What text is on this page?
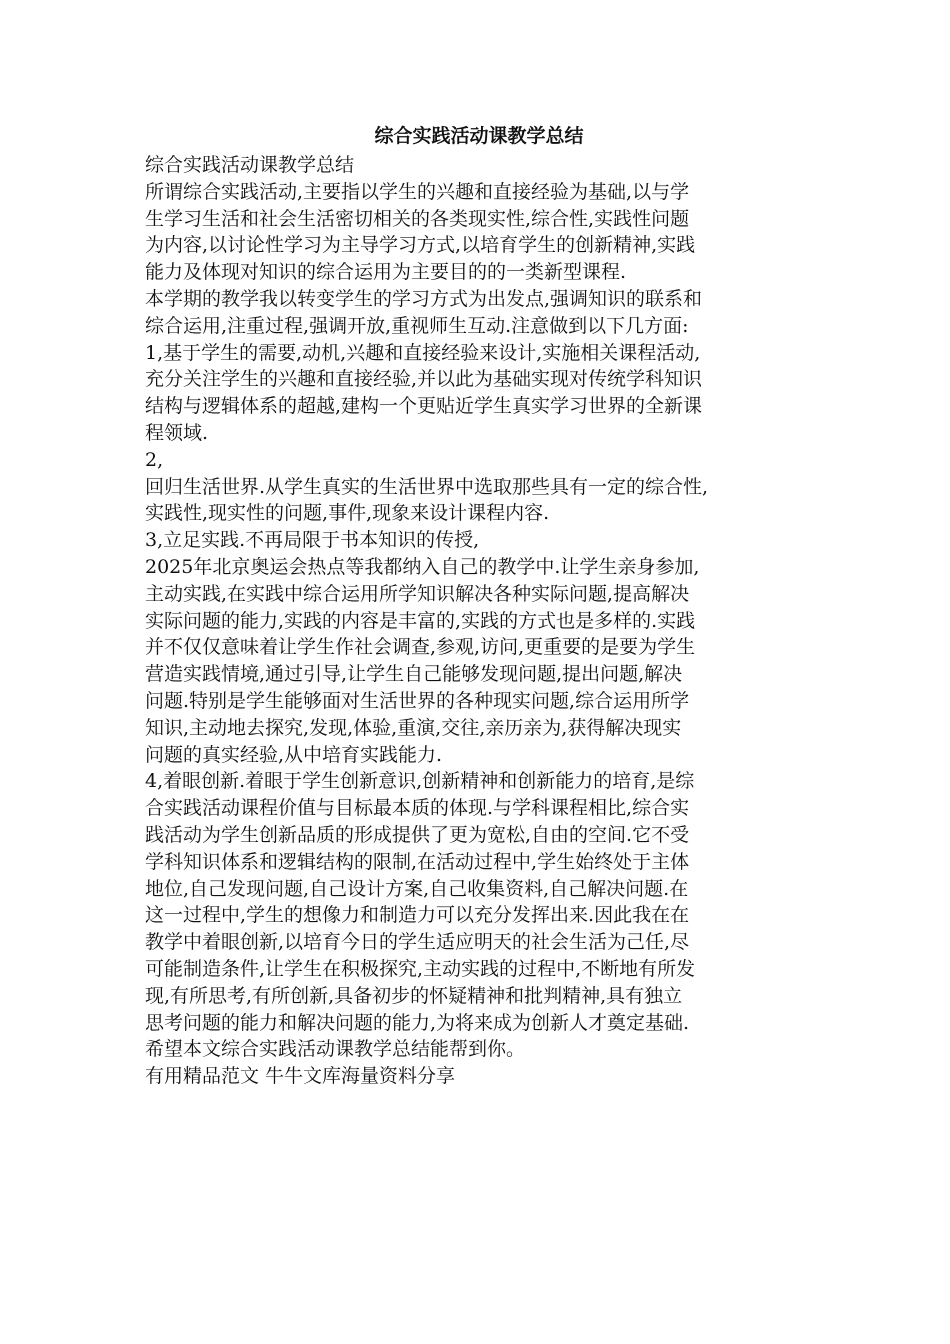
综合实践活动课教学总结
综合实践活动课教学总结
所谓综合实践活动,主要指以学生的兴趣和直接经验为基础,以与学
生学习生活和社会生活密切相关的各类现实性,综合性,实践性问题
为内容,以讨论性学习为主导学习方式,以培育学生的创新精神,实践
能力及体现对知识的综合运用为主要目的的一类新型课程.
本学期的教学我以转变学生的学习方式为出发点,强调知识的联系和
综合运用,注重过程,强调开放,重视师生互动.注意做到以下几方面:
1,基于学生的需要,动机,兴趣和直接经验来设计,实施相关课程活动,
充分关注学生的兴趣和直接经验,并以此为基础实现对传统学科知识
结构与逻辑体系的超越,建构一个更贴近学生真实学习世界的全新课
程领域.
2,
回归生活世界.从学生真实的生活世界中选取那些具有一定的综合性,
实践性,现实性的问题,事件,现象来设计课程内容.
3,立足实践.不再局限于书本知识的传授,
2025年北京奥运会热点等我都纳入自己的教学中.让学生亲身参加,
主动实践,在实践中综合运用所学知识解决各种实际问题,提高解决
实际问题的能力,实践的内容是丰富的,实践的方式也是多样的.实践
并不仅仅意味着让学生作社会调查,参观,访问,更重要的是要为学生
营造实践情境,通过引导,让学生自己能够发现问题,提出问题,解决
问题.特别是学生能够面对生活世界的各种现实问题,综合运用所学
知识,主动地去探究,发现,体验,重演,交往,亲历亲为,获得解决现实
问题的真实经验,从中培育实践能力.
4,着眼创新.着眼于学生创新意识,创新精神和创新能力的培育,是综
合实践活动课程价值与目标最本质的体现.与学科课程相比,综合实
践活动为学生创新品质的形成提供了更为宽松,自由的空间.它不受
学科知识体系和逻辑结构的限制,在活动过程中,学生始终处于主体
地位,自己发现问题,自己设计方案,自己收集资料,自己解决问题.在
这一过程中,学生的想像力和制造力可以充分发挥出来.因此我在在
教学中着眼创新,以培育今日的学生适应明天的社会生活为己任,尽
可能制造条件,让学生在积极探究,主动实践的过程中,不断地有所发
现,有所思考,有所创新,具备初步的怀疑精神和批判精神,具有独立
思考问题的能力和解决问题的能力,为将来成为创新人才奠定基础.
希望本文综合实践活动课教学总结能帮到你。
有用精品范文 牛牛文库海量资料分享
